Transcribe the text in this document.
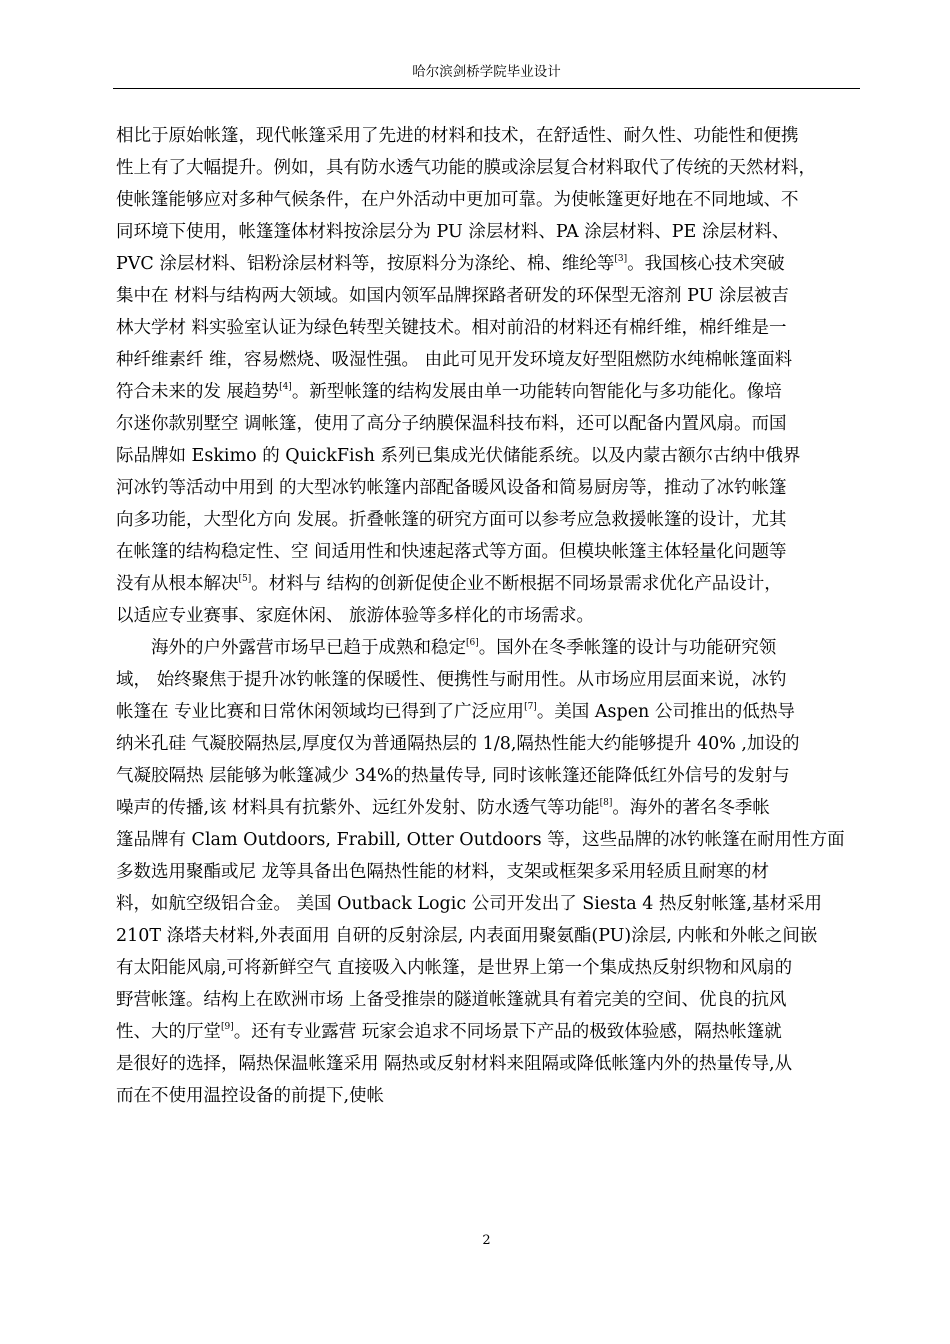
哈尔滨剑桥学院毕业设计
相比于原始帐篷，现代帐篷采用了先进的材料和技术，在舒适性、耐久性、功能性和便携
性上有了大幅提升。例如，具有防水透气功能的膜或涂层复合材料取代了传统的天然材料，
使帐篷能够应对多种气候条件，在户外活动中更加可靠。为使帐篷更好地在不同地域、不
同环境下使用，帐篷篷体材料按涂层分为 PU 涂层材料、PA 涂层材料、PE 涂层材料、
PVC 涂层材料、铝粉涂层材料等，按原料分为涤纶、棉、维纶等[3]。我国核心技术突破
集中在 材料与结构两大领域。如国内领军品牌探路者研发的环保型无溶剂 PU 涂层被吉
林大学材 料实验室认证为绿色转型关键技术。相对前沿的材料还有棉纤维，棉纤维是一
种纤维素纤 维，容易燃烧、吸湿性强。 由此可见开发环境友好型阻燃防水纯棉帐篷面料
符合未来的发 展趋势[4]。新型帐篷的结构发展由单一功能转向智能化与多功能化。像培
尔迷你款别墅空 调帐篷，使用了高分子纳膜保温科技布料，还可以配备内置风扇。而国
际品牌如 Eskimo 的 QuickFish 系列已集成光伏储能系统。以及内蒙古额尔古纳中俄界
河冰钓等活动中用到 的大型冰钓帐篷内部配备暖风设备和简易厨房等，推动了冰钓帐篷
向多功能，大型化方向 发展。折叠帐篷的研究方面可以参考应急救援帐篷的设计，尤其
在帐篷的结构稳定性、空 间适用性和快速起落式等方面。但模块帐篷主体轻量化问题等
没有从根本解决[5]。材料与 结构的创新促使企业不断根据不同场景需求优化产品设计，
以适应专业赛事、家庭休闲、 旅游体验等多样化的市场需求。
海外的户外露营市场早已趋于成熟和稳定[6]。国外在冬季帐篷的设计与功能研究领
域， 始终聚焦于提升冰钓帐篷的保暖性、便携性与耐用性。从市场应用层面来说，冰钓
帐篷在 专业比赛和日常休闲领域均已得到了广泛应用[7]。美国 Aspen 公司推出的低热导
纳米孔硅 气凝胶隔热层,厚度仅为普通隔热层的 1/8,隔热性能大约能够提升 40% ,加设的
气凝胶隔热 层能够为帐篷减少 34%的热量传导, 同时该帐篷还能降低红外信号的发射与
噪声的传播,该 材料具有抗紫外、远红外发射、防水透气等功能[8]。海外的著名冬季帐
篷品牌有 Clam Outdoors, Frabill, Otter Outdoors 等，这些品牌的冰钓帐篷在耐用性方面
多数选用聚酯或尼 龙等具备出色隔热性能的材料，支架或框架多采用轻质且耐寒的材
料，如航空级铝合金。 美国 Outback Logic 公司开发出了 Siesta 4 热反射帐篷,基材采用
210T 涤塔夫材料,外表面用 自研的反射涂层, 内表面用聚氨酯(PU)涂层, 内帐和外帐之间嵌
有太阳能风扇,可将新鲜空气 直接吸入内帐篷，是世界上第一个集成热反射织物和风扇的
野营帐篷。结构上在欧洲市场 上备受推崇的隧道帐篷就具有着完美的空间、优良的抗风
性、大的厅堂[9]。还有专业露营 玩家会追求不同场景下产品的极致体验感，隔热帐篷就
是很好的选择，隔热保温帐篷采用 隔热或反射材料来阻隔或降低帐篷内外的热量传导,从
而在不使用温控设备的前提下,使帐
2
